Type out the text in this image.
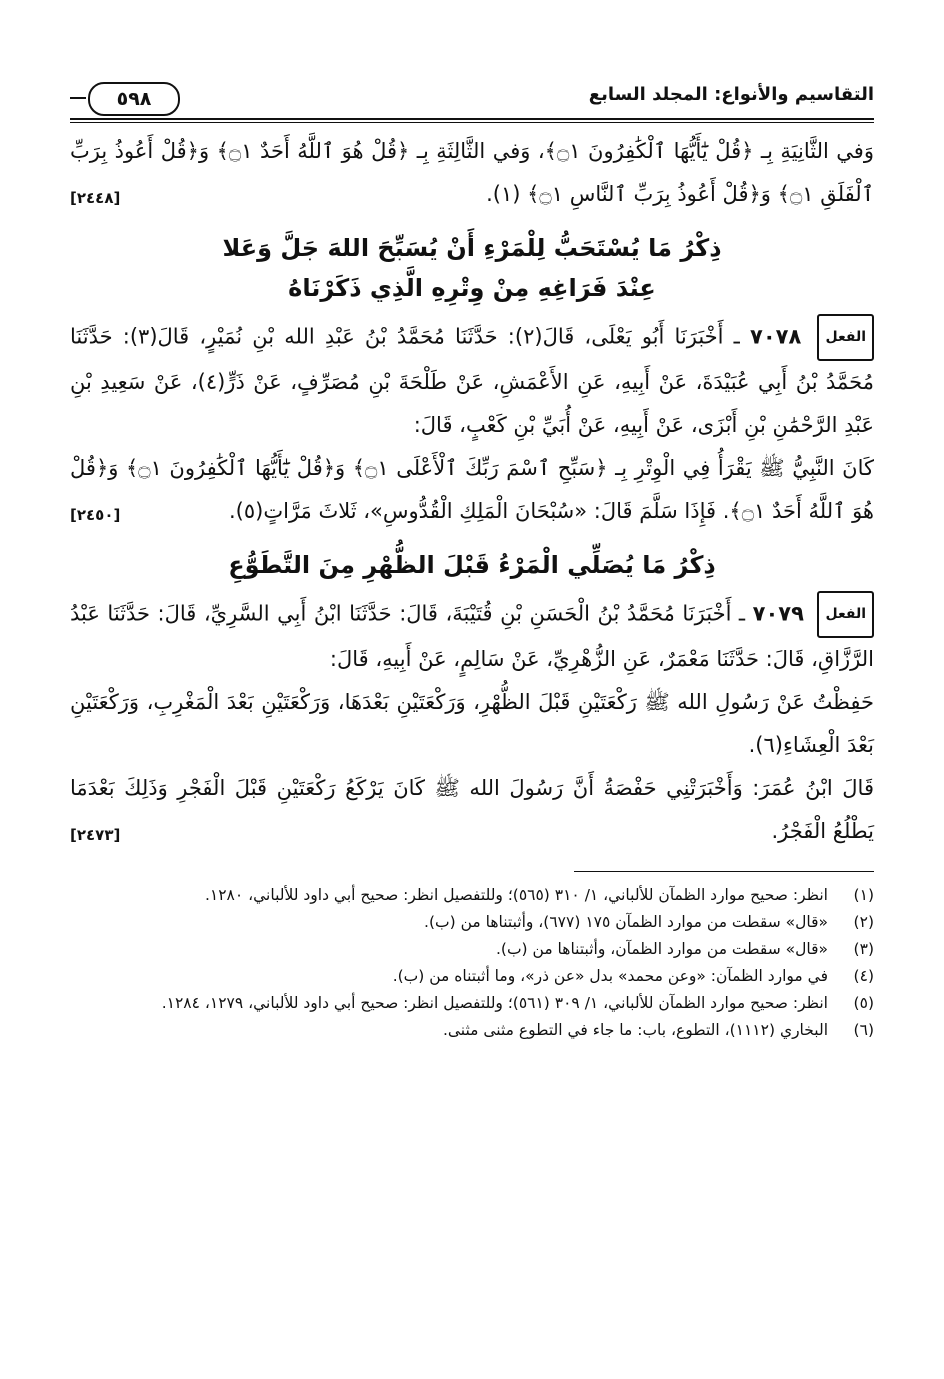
التقاسيم والأنواع: المجلد السابع
٥٩٨

وَفي الثَّانِيَةِ بِـ ﴿قُلْ يَٰٓأَيُّهَا ٱلْكَٰفِرُونَ ۝١﴾، وَفي الثَّالِثَةِ بِـ ﴿قُلْ هُوَ ٱللَّهُ أَحَدٌ ۝١﴾ وَ﴿قُلْ أَعُوذُ بِرَبِّ ٱلْفَلَقِ ۝١﴾ وَ﴿قُلْ أَعُوذُ بِرَبِّ ٱلنَّاسِ ۝١﴾ (١).
[٢٤٤٨]

ذِكْرُ مَا يُسْتَحَبُّ لِلْمَرْءِ أَنْ يُسَبِّحَ اللهَ جَلَّ وَعَلا
عِنْدَ فَرَاغِهِ مِنْ وِتْرِهِ الَّذِي ذَكَرْنَاهُ

الفعل ٧٠٧٨ ـ أَخْبَرَنَا أَبُو يَعْلَى، قَالَ(٢): حَدَّثَنَا مُحَمَّدُ بْنُ عَبْدِ الله بْنِ نُمَيْرٍ، قَالَ(٣): حَدَّثَنَا مُحَمَّدُ بْنُ أَبِي عُبَيْدَةَ، عَنْ أَبِيهِ، عَنِ الأَعْمَشِ، عَنْ طَلْحَةَ بْنِ مُصَرِّفٍ، عَنْ ذَرٍّ(٤)، عَنْ سَعِيدِ بْنِ عَبْدِ الرَّحْمَٰنِ بْنِ أَبْزَى، عَنْ أَبِيهِ، عَنْ أُبَيِّ بْنِ كَعْبٍ، قَالَ:

كَانَ النَّبِيُّ ﷺ يَقْرَأُ فِي الْوِتْرِ بِـ ﴿سَبِّحِ ٱسْمَ رَبِّكَ ٱلْأَعْلَى ۝١﴾ وَ﴿قُلْ يَٰٓأَيُّهَا ٱلْكَٰفِرُونَ ۝١﴾ وَ﴿قُلْ هُوَ ٱللَّهُ أَحَدٌ ۝١﴾. فَإِذَا سَلَّمَ قَالَ: «سُبْحَانَ الْمَلِكِ الْقُدُّوسِ»، ثَلاثَ مَرَّاتٍ(٥).
[٢٤٥٠]

ذِكْرُ مَا يُصَلِّي الْمَرْءُ قَبْلَ الظُّهْرِ مِنَ التَّطَوُّعِ

الفعل ٧٠٧٩ ـ أَخْبَرَنَا مُحَمَّدُ بْنُ الْحَسَنِ بْنِ قُتَيْبَةَ، قَالَ: حَدَّثَنَا ابْنُ أَبِي السَّرِيِّ، قَالَ: حَدَّثَنَا عَبْدُ الرَّزَّاقِ، قَالَ: حَدَّثَنَا مَعْمَرٌ، عَنِ الزُّهْرِيِّ، عَنْ سَالِمٍ، عَنْ أَبِيهِ، قَالَ:

حَفِظْتُ عَنْ رَسُولِ الله ﷺ رَكْعَتَيْنِ قَبْلَ الظُّهْرِ، وَرَكْعَتَيْنِ بَعْدَهَا، وَرَكْعَتَيْنِ بَعْدَ الْمَغْرِبِ، وَرَكْعَتَيْنِ بَعْدَ الْعِشَاءِ(٦).

قَالَ ابْنُ عُمَرَ: وَأَخْبَرَتْنِي حَفْصَةُ أَنَّ رَسُولَ الله ﷺ كَانَ يَرْكَعُ رَكْعَتَيْنِ قَبْلَ الْفَجْرِ وَذَلِكَ بَعْدَمَا يَطْلُعُ الْفَجْرُ.
[٢٤٧٣]

(١)
انظر: صحيح موارد الظمآن للألباني، ١/ ٣١٠ (٥٦٥)؛ وللتفصيل انظر: صحيح أبي داود للألباني، ١٢٨٠.
(٢)
«قال» سقطت من موارد الظمآن ١٧٥ (٦٧٧)، وأثبتناها من (ب).
(٣)
«قال» سقطت من موارد الظمآن، وأثبتناها من (ب).
(٤)
في موارد الظمآن: «وعن محمد» بدل «عن ذر»، وما أثبتناه من (ب).
(٥)
انظر: صحيح موارد الظمآن للألباني، ١/ ٣٠٩ (٥٦١)؛ وللتفصيل انظر: صحيح أبي داود للألباني، ١٢٧٩، ١٢٨٤.
(٦)
البخاري (١١١٢)، التطوع، باب: ما جاء في التطوع مثنى مثنى.
